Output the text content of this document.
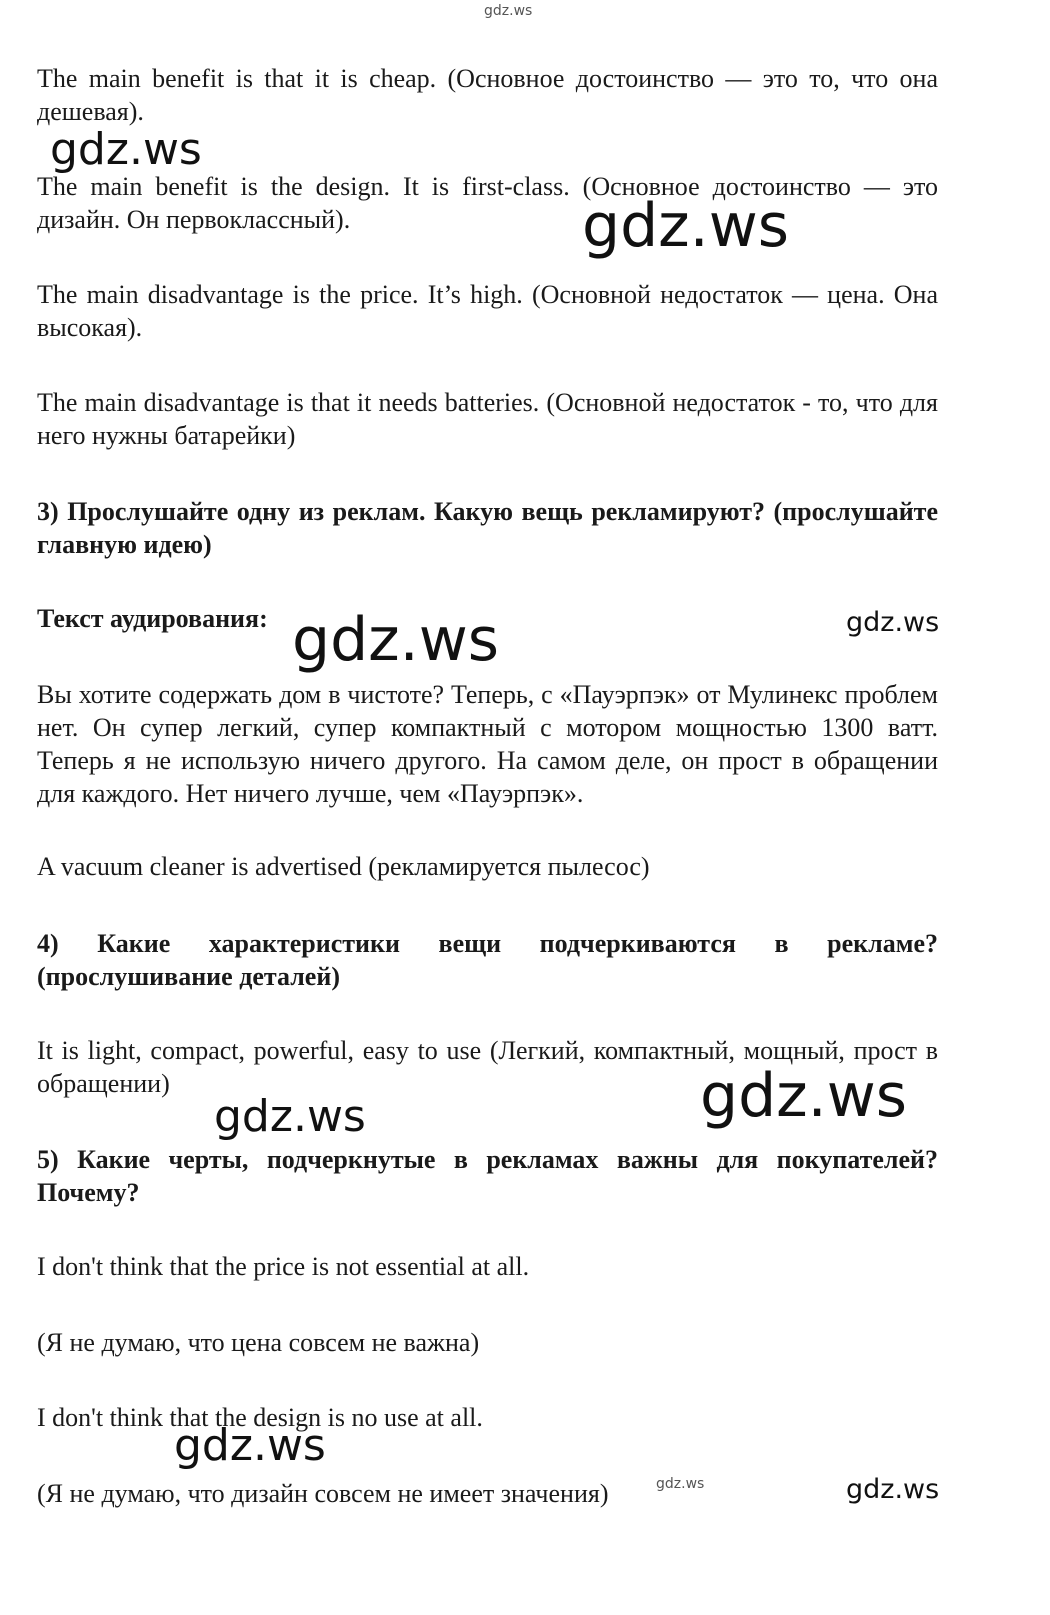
gdz.ws

The main benefit is that it is cheap. (Основное достоинство — это то, что она дешевая).

gdz.ws

The main benefit is the design. It is first-class. (Основное достоинство — это дизайн. Он первоклассный).	gdz.ws

The main disadvantage is the price. It’s high. (Основной недостаток — цена. Она высокая).

The main disadvantage is that it needs batteries. (Основной недостаток - то, что для него нужны батарейки)

3) Прослушайте одну из реклам. Какую вещь рекламируют? (прослушайте главную идею)

Текст аудирования: gdz.ws	gdz.ws

Вы хотите содержать дом в чистоте? Теперь, с «Пауэрпэк» от Мулинекс проблем нет. Он супер легкий, супер компактный с мотором мощностью 1300 ватт. Теперь я не использую ничего другого. На самом деле, он прост в обращении для каждого. Нет ничего лучше, чем «Пауэрпэк».

A vacuum cleaner is advertised (рекламируется пылесос)

4) Какие характеристики вещи подчеркиваются в рекламе? (прослушивание деталей)

It is light, compact, powerful, easy to use (Легкий, компактный, мощный, прост в обращении)	gdz.ws
gdz.ws

5) Какие черты, подчеркнутые в рекламах важны для покупателей? Почему?

I don't think that the price is not essential at all.

(Я не думаю, что цена совсем не важна)

I don't think that the design is no use at all.

gdz.ws

(Я не думаю, что дизайн совсем не имеет значения)	gdz.ws	gdz.ws
